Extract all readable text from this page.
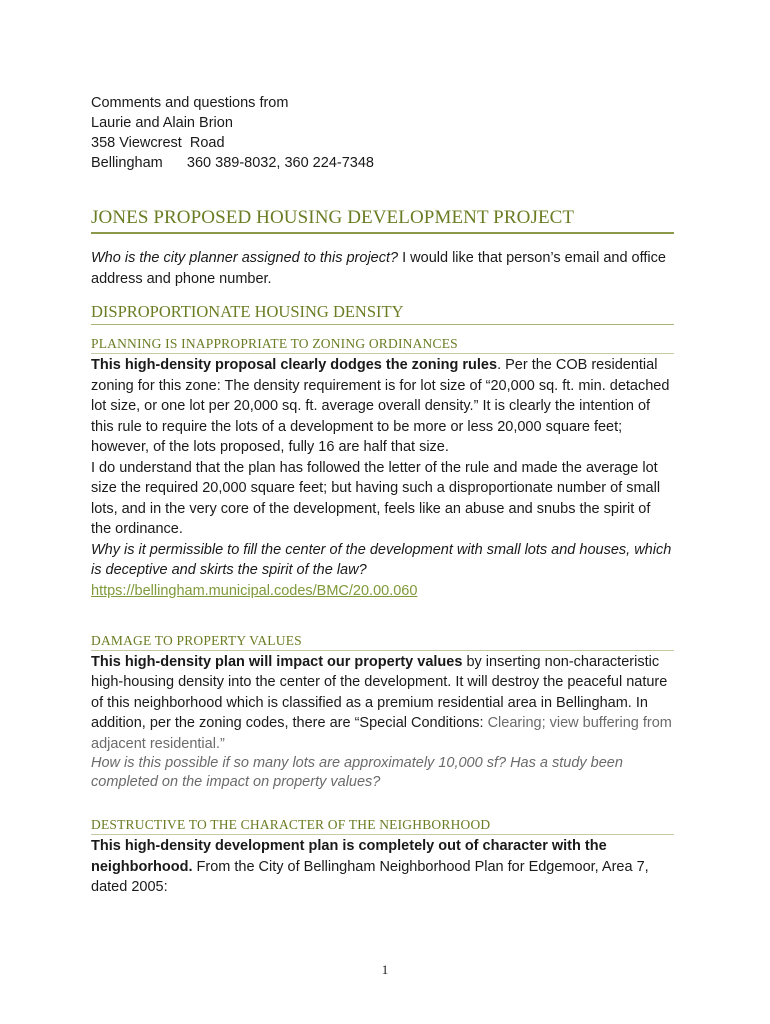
Comments and questions from
Laurie and Alain Brion
358 Viewcrest  Road
Bellingham      360 389-8032, 360 224-7348
JONES PROPOSED HOUSING DEVELOPMENT PROJECT

Who is the city planner assigned to this project? I would like that person’s email and office address and phone number.

DISPROPORTIONATE HOUSING DENSITY
PLANNING IS INAPPROPRIATE TO ZONING ORDINANCES

This high-density proposal clearly dodges the zoning rules. Per the COB residential zoning for this zone: The density requirement is for lot size of “20,000 sq. ft. min. detached lot size, or one lot per 20,000 sq. ft. average overall density.” It is clearly the intention of this rule to require the lots of a development to be more or less 20,000 square feet; however, of the lots proposed, fully 16 are half that size.

I do understand that the plan has followed the letter of the rule and made the average lot size the required 20,000 square feet; but having such a disproportionate number of small lots, and in the very core of the development, feels like an abuse and snubs the spirit of the ordinance.

Why is it permissible to fill the center of the development with small lots and houses, which is deceptive and skirts the spirit of the law?

https://bellingham.municipal.codes/BMC/20.00.060
DAMAGE TO PROPERTY VALUES

This high-density plan will impact our property values by inserting non-characteristic high-housing density into the center of the development. It will destroy the peaceful nature of this neighborhood which is classified as a premium residential area in Bellingham. In addition, per the zoning codes, there are “Special Conditions: Clearing; view buffering from adjacent residential.”

How is this possible if so many lots are approximately 10,000 sf? Has a study been completed on the impact on property values?

DESTRUCTIVE TO THE CHARACTER OF THE NEIGHBORHOOD

This high-density development plan is completely out of character with the neighborhood. From the City of Bellingham Neighborhood Plan for Edgemoor, Area 7, dated 2005:

1
